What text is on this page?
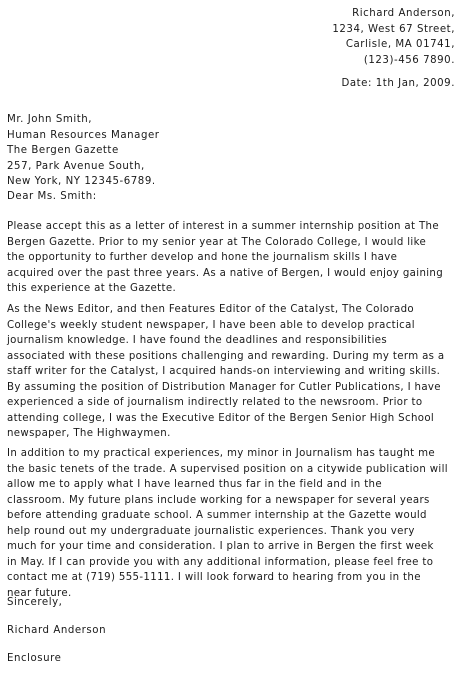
Richard Anderson,
1234, West 67 Street,
Carlisle, MA 01741,
(123)-456 7890.
Date: 1th Jan, 2009.
Mr. John Smith,
Human Resources Manager
The Bergen Gazette
257, Park Avenue South,
New York, NY 12345-6789.
Dear Ms. Smith:
Please accept this as a letter of interest in a summer internship position at The
Bergen Gazette. Prior to my senior year at The Colorado College, I would like
the opportunity to further develop and hone the journalism skills I have
acquired over the past three years. As a native of Bergen, I would enjoy gaining
this experience at the Gazette.
As the News Editor, and then Features Editor of the Catalyst, The Colorado
College's weekly student newspaper, I have been able to develop practical
journalism knowledge. I have found the deadlines and responsibilities
associated with these positions challenging and rewarding. During my term as a
staff writer for the Catalyst, I acquired hands-on interviewing and writing skills.
By assuming the position of Distribution Manager for Cutler Publications, I have
experienced a side of journalism indirectly related to the newsroom. Prior to
attending college, I was the Executive Editor of the Bergen Senior High School
newspaper, The Highwaymen.
In addition to my practical experiences, my minor in Journalism has taught me
the basic tenets of the trade. A supervised position on a citywide publication will
allow me to apply what I have learned thus far in the field and in the
classroom. My future plans include working for a newspaper for several years
before attending graduate school. A summer internship at the Gazette would
help round out my undergraduate journalistic experiences. Thank you very
much for your time and consideration. I plan to arrive in Bergen the first week
in May. If I can provide you with any additional information, please feel free to
contact me at (719) 555-1111. I will look forward to hearing from you in the
near future.
Sincerely,
Richard Anderson
Enclosure
